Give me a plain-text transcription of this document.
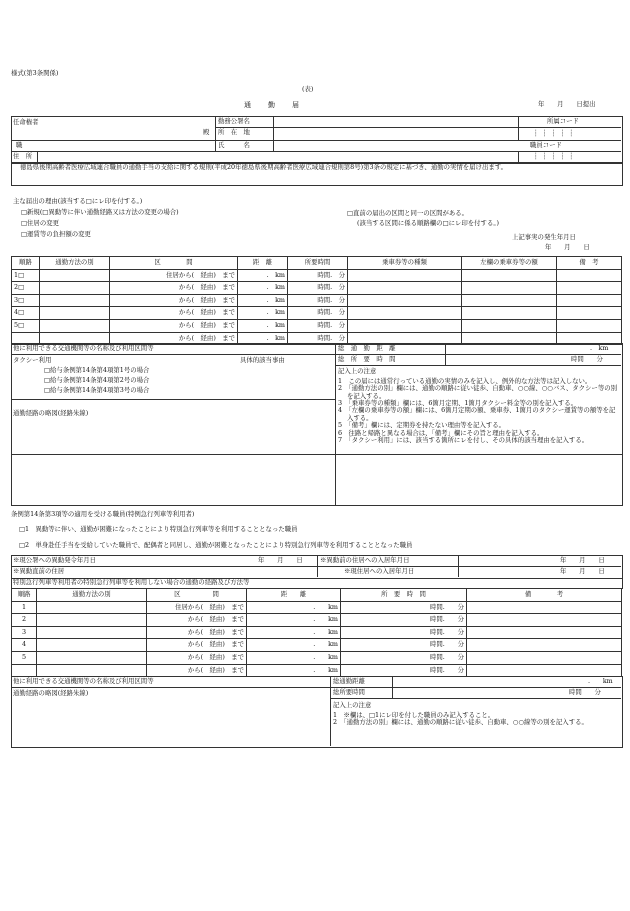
様式(第3条関係)
(表)
通　　勤　　届	年　　月　　日提出
任命権者
殿
勤務公署名
所　在　地
所属コード
┆┆┆┆┆
職	氏　　　名	職員コード
住　所	┆┆┆┆┆
徳島県後期高齢者医療広域連合職員の通勤手当の支給に関する規則(平成20年徳島県後期高齢者医療広域連合規則第8号)第3条の規定に基づき、通勤の実情を届け出ます。
主な届出の理由(該当する□にレ印を付する。)
□新規(□異動等に伴い通勤経路又は方法の変更の場合)
□住居の変更
□運賃等の負担額の変更
□直前の届出の区間と同一の区間がある。
(該当する区間に係る順路欄の□にレ印を付する。)
上記事実の発生年月日
年　　月　　日
順路	通勤方法の別	区　　　　間	距　離	所要時間	乗車券等の種類	左欄の乗車券等の額	備　考
1□		住居から(　経由)　まで	.　km	時間.　分			
2□		から(　経由)　まで	.　km	時間.　分			
3□		から(　経由)　まで	.　km	時間.　分			
4□		から(　経由)　まで	.　km	時間.　分			
5□		から(　経由)　まで	.　km	時間.　分			
		から(　経由)　まで	.　km	時間.　分			
他に利用できる交通機関等の名称及び利用区間等	総　通　勤　距　離	.　km
総　所　要　時　間	時間　　分
タクシー利用	具体的該当事由
□給与条例第14条第4項第1号の場合
□給与条例第14条第4項第2号の場合
□給与条例第14条第4項第3号の場合
通勤経路の略図(経路朱線)
記入上の注意
1　この届には通常行っている通勤の実情のみを記入し、例外的な方法等は記入しない。
2　「通勤方法の別」欄には、通勤の順路に従い徒歩、自動車、○○線、○○バス、タクシー等の別を記入する。
3　「乗車券等の種類」欄には、6箇月定期、1箇月タクシー料金等の別を記入する。
4　「左欄の乗車券等の額」欄には、6箇月定期の額、乗車券、1箇月のタクシー運賃等の額等を記入する。
5　「備考」欄には、定期券を持たない理由等を記入する。
6　往路と帰路と異なる場合は、「備考」欄にその旨と理由を記入する。
7　「タクシー利用」には、該当する箇所にレを付し、その具体的該当理由を記入する。
条例第14条第3項等の適用を受ける職員(特例急行列車等利用者)
□1　異動等に伴い、通勤が困難になったことにより特別急行列車等を利用することとなった職員
□2　単身赴任手当を受給していた職員で、配偶者と同居し、通勤が困難となったことにより特別急行列車等を利用することとなった職員
※現公署への異動発令年月日	年　　月　　日	※異動前の住居への入居年月日	年　　月　　日
※異動直前の住居	※現住居への入居年月日	年　　月　　日
特別急行列車等利用者の特別急行列車等を利用しない場合の通勤の経路及び方法等
順路	通勤方法の別	区　　　　　間	距　　離	所　要　時　間	備　　　　考
1		住居から(　経由)　まで	.　　km	時間.　　分	
2		から(　経由)　まで	.　　km	時間.　　分	
3		から(　経由)　まで	.　　km	時間.　　分	
4		から(　経由)　まで	.　　km	時間.　　分	
5		から(　経由)　まで	.　　km	時間.　　分	
		から(　経由)　まで	.　　km	時間.　　分	
他に利用できる交通機関等の名称及び利用区間等	総通勤距離	.　　km
総所要時間	時間　　分
通勤経路の略図(経路朱線)
記入上の注意
1　※欄は、□1にレ印を付した職員のみ記入すること。
2　「通勤方法の別」欄には、通勤の順路に従い徒歩、自動車、○○線等の別を記入する。
